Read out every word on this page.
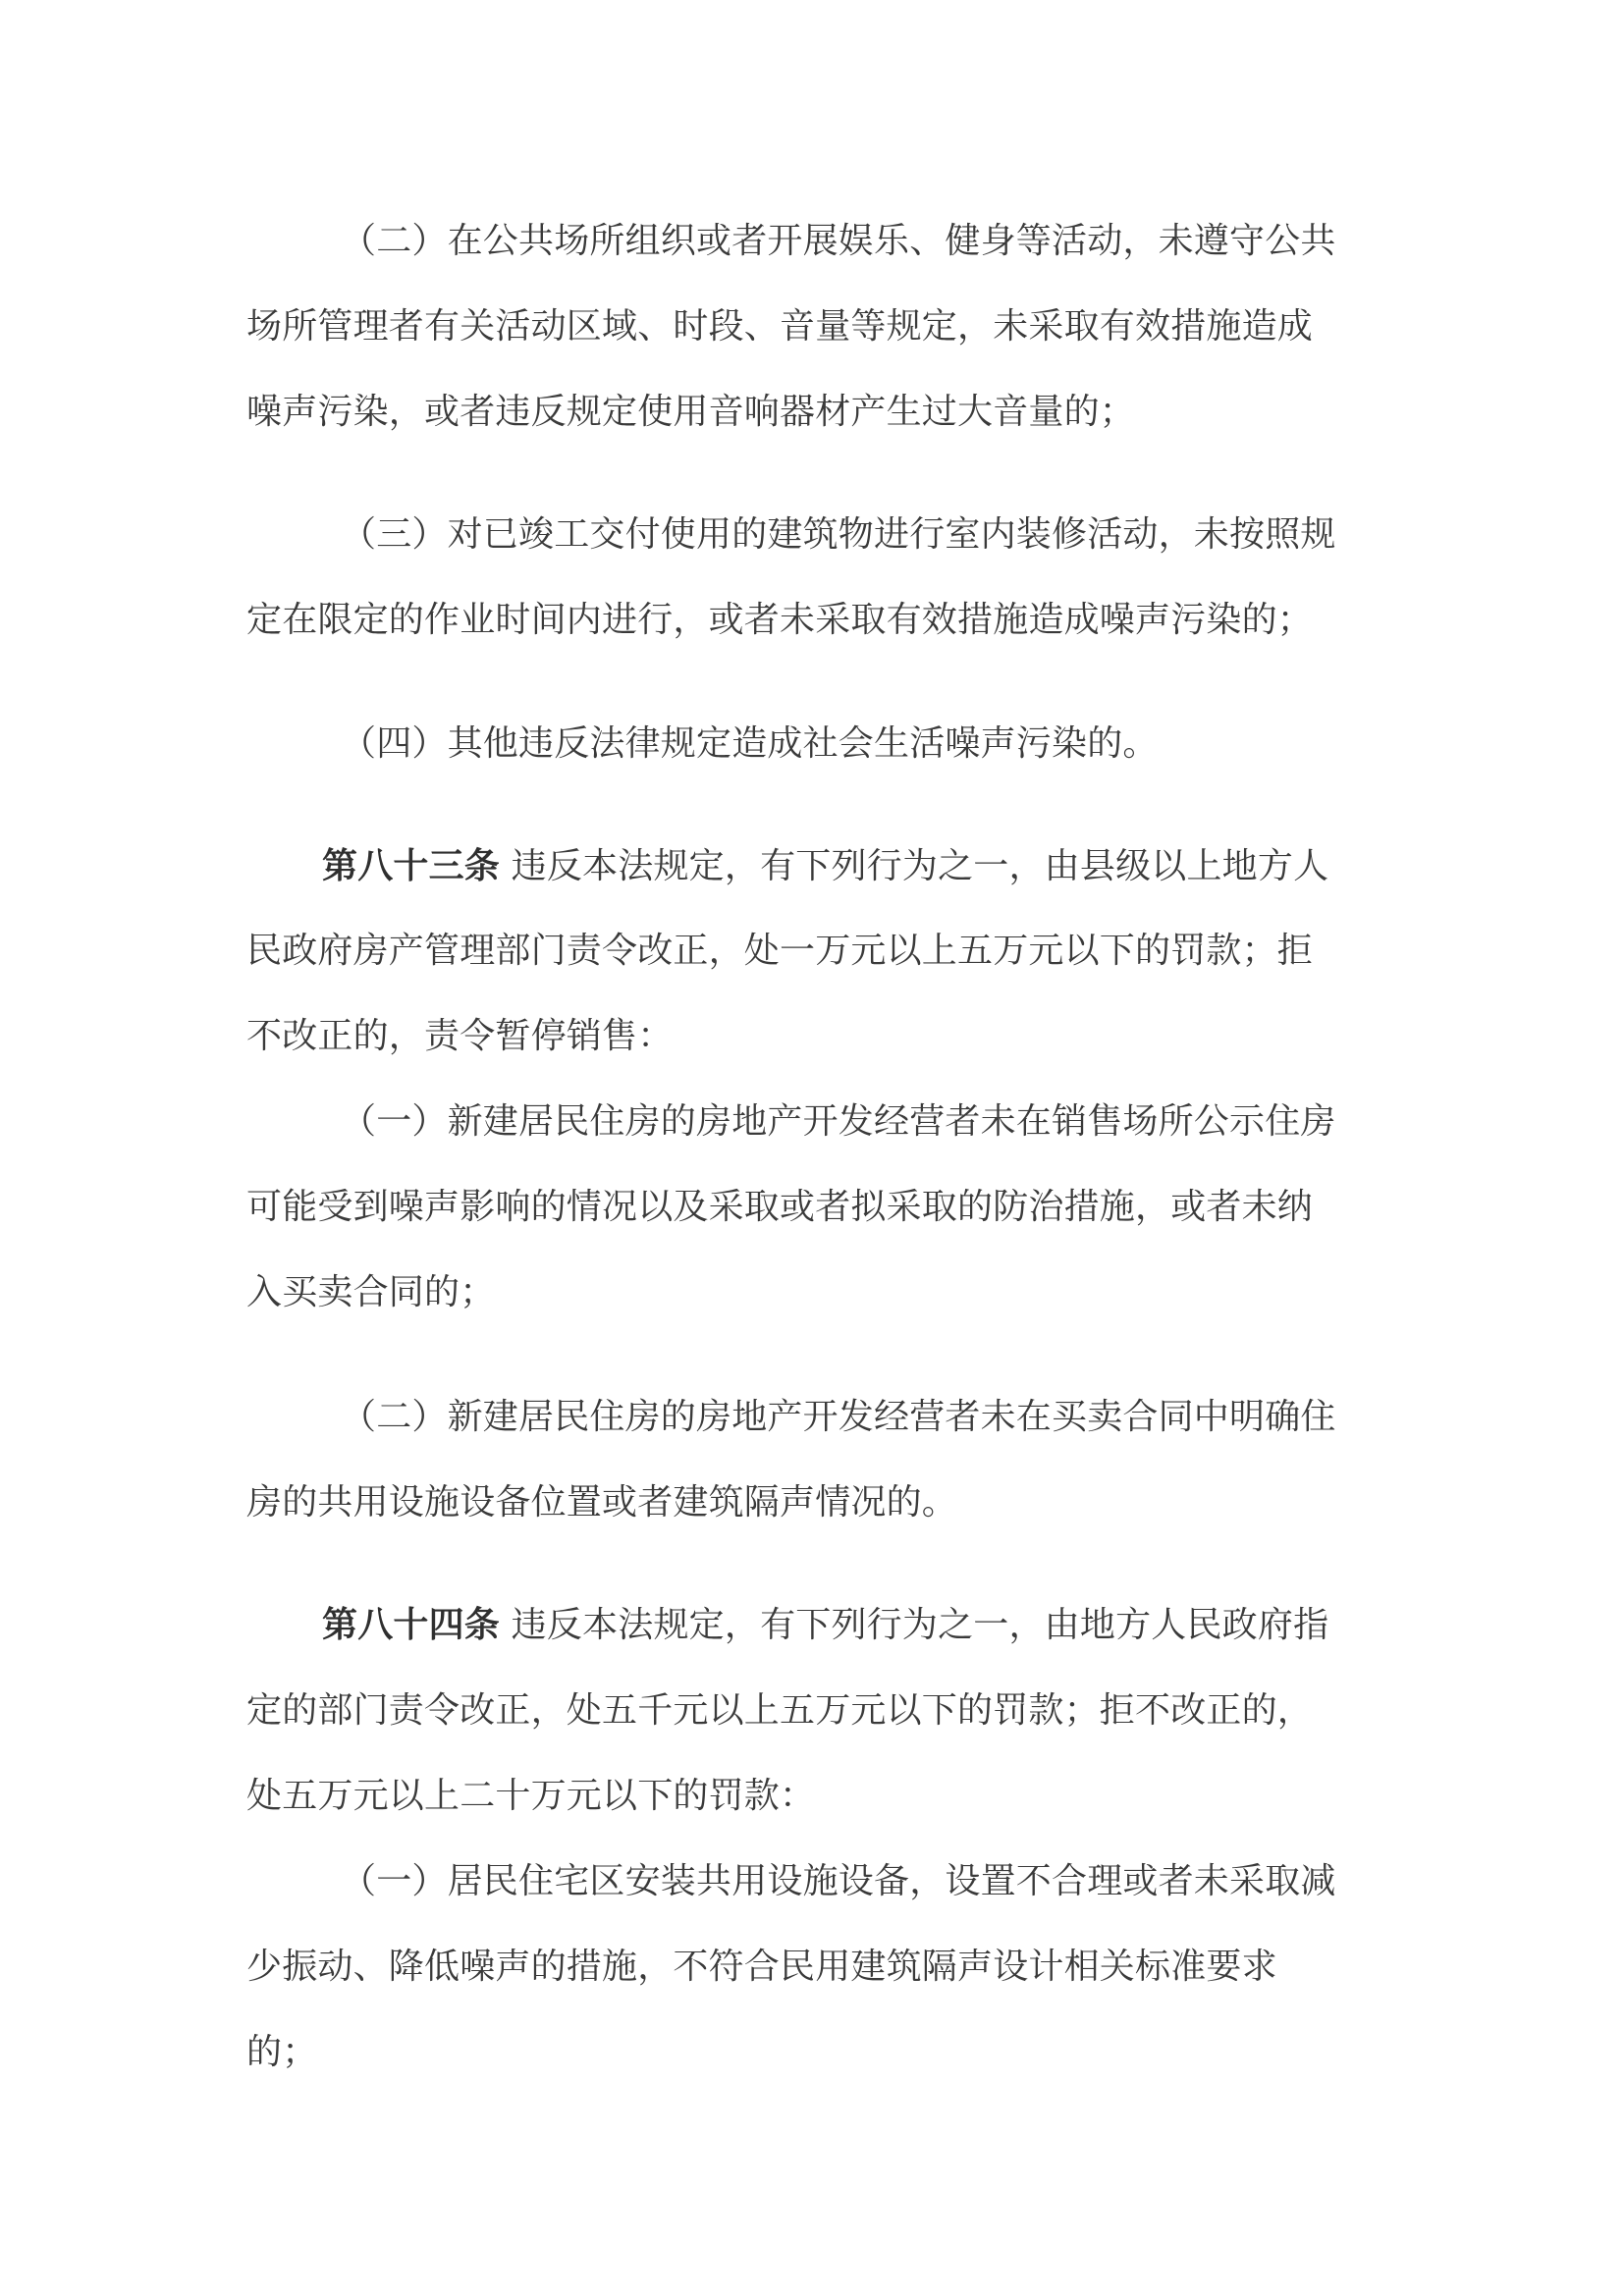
（二）在公共场所组织或者开展娱乐、健身等活动，未遵守公共
场所管理者有关活动区域、时段、音量等规定，未采取有效措施造成
噪声污染，或者违反规定使用音响器材产生过大音量的；
（三）对已竣工交付使用的建筑物进行室内装修活动，未按照规
定在限定的作业时间内进行，或者未采取有效措施造成噪声污染的；
（四）其他违反法律规定造成社会生活噪声污染的。
第八十三条 违反本法规定，有下列行为之一，由县级以上地方人
民政府房产管理部门责令改正，处一万元以上五万元以下的罚款；拒
不改正的，责令暂停销售：
（一）新建居民住房的房地产开发经营者未在销售场所公示住房
可能受到噪声影响的情况以及采取或者拟采取的防治措施，或者未纳
入买卖合同的；
（二）新建居民住房的房地产开发经营者未在买卖合同中明确住
房的共用设施设备位置或者建筑隔声情况的。
第八十四条 违反本法规定，有下列行为之一，由地方人民政府指
定的部门责令改正，处五千元以上五万元以下的罚款；拒不改正的，
处五万元以上二十万元以下的罚款：
（一）居民住宅区安装共用设施设备，设置不合理或者未采取减
少振动、降低噪声的措施，不符合民用建筑隔声设计相关标准要求
的；
